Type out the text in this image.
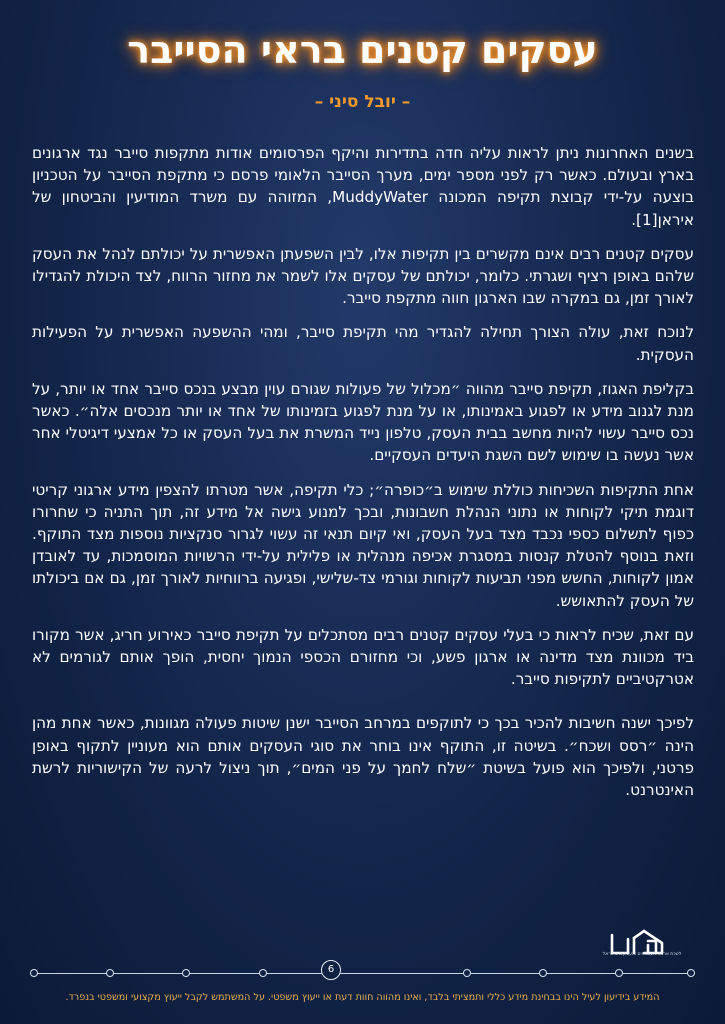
עסקים קטנים בראי הסייבר
– יובל סיני –

בשנים האחרונות ניתן לראות עליה חדה בתדירות והיקף הפרסומים אודות מתקפות סייבר נגד ארגונים בארץ ובעולם. כאשר רק לפני מספר ימים, מערך הסייבר הלאומי פרסם כי מתקפת הסייבר על הטכניון בוצעה על-ידי קבוצת תקיפה המכונה MuddyWater, המזוהה עם משרד המודיעין והביטחון של איראן[1].

עסקים קטנים רבים אינם מקשרים בין תקיפות אלו, לבין השפעתן האפשרית על יכולתם לנהל את העסק שלהם באופן רציף ושגרתי. כלומר, יכולתם של עסקים אלו לשמר את מחזור הרווח, לצד היכולת להגדילו לאורך זמן, גם במקרה שבו הארגון חווה מתקפת סייבר.

לנוכח זאת, עולה הצורך תחילה להגדיר מהי תקיפת סייבר, ומהי ההשפעה האפשרית על הפעילות העסקית.

בקליפת האגוז, תקיפת סייבר מהווה ״מכלול של פעולות שגורם עוין מבצע בנכס סייבר אחד או יותר, על מנת לגנוב מידע או לפגוע באמינותו, או על מנת לפגוע בזמינותו של אחד או יותר מנכסים אלה״. כאשר נכס סייבר עשוי להיות מחשב בבית העסק, טלפון נייד המשרת את בעל העסק או כל אמצעי דיגיטלי אחר אשר נעשה בו שימוש לשם השגת היעדים העסקיים.

אחת התקיפות השכיחות כוללת שימוש ב״כופרה״; כלי תקיפה, אשר מטרתו להצפין מידע ארגוני קריטי דוגמת תיקי לקוחות או נתוני הנהלת חשבונות, ובכך למנוע גישה אל מידע זה, תוך התניה כי שחרורו כפוף לתשלום כספי נכבד מצד בעל העסק, ואי קיום תנאי זה עשוי לגרור סנקציות נוספות מצד התוקף. וזאת בנוסף להטלת קנסות במסגרת אכיפה מנהלית או פלילית על-ידי הרשויות המוסמכות, עד לאובדן אמון לקוחות, החשש מפני תביעות לקוחות וגורמי צד-שלישי, ופגיעה ברווחיות לאורך זמן, גם אם ביכולתו של העסק להתאושש.

עם זאת, שכיח לראות כי בעלי עסקים קטנים רבים מסתכלים על תקיפת סייבר כאירוע חריג, אשר מקורו ביד מכוונת מצד מדינה או ארגון פשע, וכי מחזורם הכספי הנמוך יחסית, הופך אותם לגורמים לא אטרקטיביים לתקיפות סייבר.

לפיכך ישנה חשיבות להכיר בכך כי לתוקפים במרחב הסייבר ישנן שיטות פעולה מגוונות, כאשר אחת מהן הינה ״רסס ושכח״. בשיטה זו, התוקף אינו בוחר את סוגי העסקים אותם הוא מעוניין לתקוף באופן פרטני, ולפיכך הוא פועל בשיטת ״שלח לחמך על פני המים״, תוך ניצול לרעה של הקישוריות לרשת האינטרנט.

לשכת ארגוני העצמאים והעסקים בישראל
6
המידע בידיעון לעיל הינו בבחינת מידע כללי ותמציתי בלבד, ואינו מהווה חוות דעת או ייעוץ משפטי. על המשתמש לקבל ייעוץ מקצועי ומשפטי בנפרד.
